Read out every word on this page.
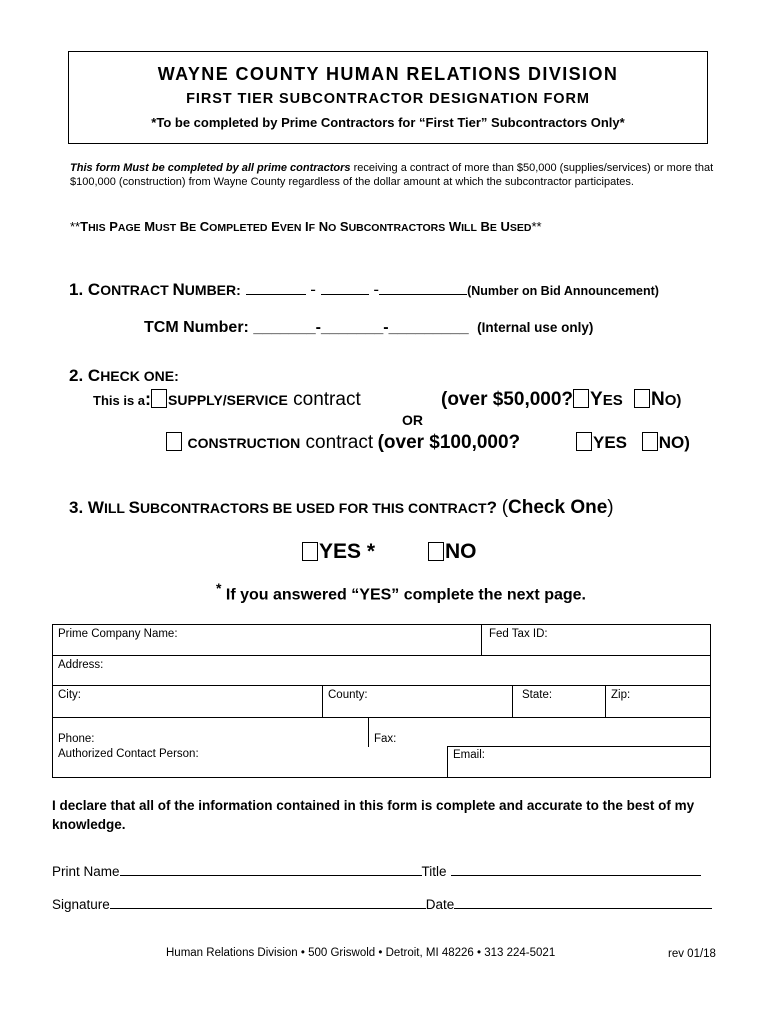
WAYNE COUNTY HUMAN RELATIONS DIVISION
FIRST TIER SUBCONTRACTOR DESIGNATION FORM
*To be completed by Prime Contractors for “First Tier” Subcontractors Only*
This form Must be completed by all prime contractors receiving a contract of more than $50,000 (supplies/services) or more that $100,000 (construction) from Wayne County regardless of the dollar amount at which the subcontractor participates.
**THIS PAGE MUST BE COMPLETED EVEN IF NO SUBCONTRACTORS WILL BE USED**
1. CONTRACT NUMBER:	-	-	(Number on Bid Announcement)
TCM Number: _______-_______-_________ (Internal use only)
2. CHECK ONE:
This is a: SUPPLY/SERVICE contract	(over $50,000? YES NO)
OR
CONSTRUCTION contract (over $100,000?	YES NO)
3. WILL SUBCONTRACTORS BE USED FOR THIS CONTRACT? (Check One)
YES *	NO
* If you answered “YES” complete the next page.
Prime Company Name:	Fed Tax ID:
Address:
City:	County:	State:	Zip:
Phone:	Fax:
Authorized Contact Person:	Email:
I declare that all of the information contained in this form is complete and accurate to the best of my knowledge.
Print Name	Title
Signature	Date
Human Relations Division • 500 Griswold • Detroit, MI 48226 • 313 224-5021	rev 01/18
